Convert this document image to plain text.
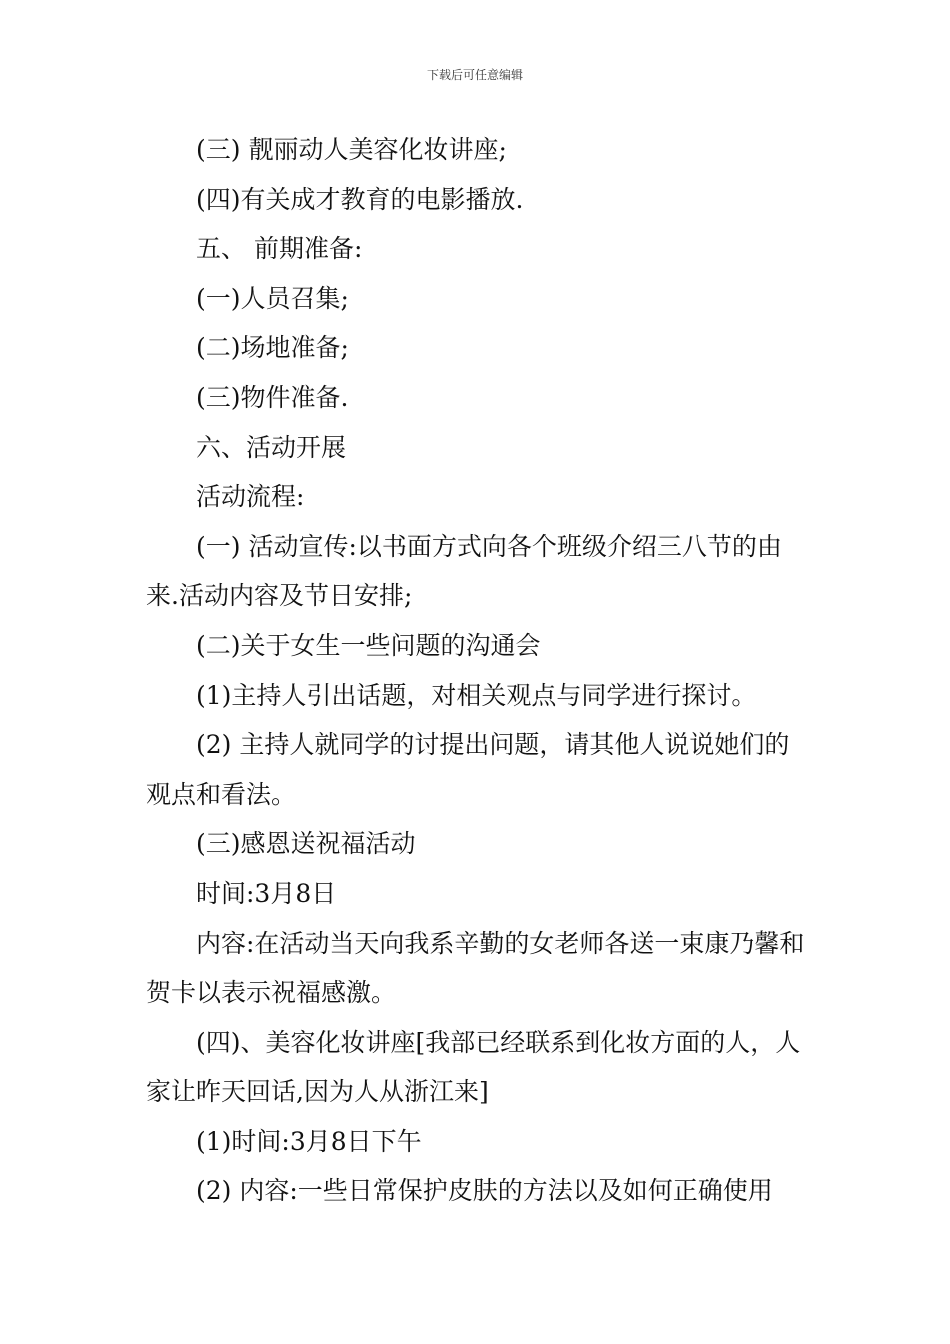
下载后可任意编辑

(三) 靓丽动人美容化妆讲座;

(四)有关成才教育的电影播放.

五、 前期准备:

(一)人员召集;

(二)场地准备;

(三)物件准备.

六、活动开展

活动流程:

(一) 活动宣传:以书面方式向各个班级介绍三八节的由来.活动内容及节日安排;

(二)关于女生一些问题的沟通会

(1)主持人引出话题，对相关观点与同学进行探讨。

(2) 主持人就同学的讨提出问题，请其他人说说她们的观点和看法。

(三)感恩送祝福活动

时间:3月8日

内容:在活动当天向我系辛勤的女老师各送一束康乃馨和贺卡以表示祝福感激。

(四)、美容化妆讲座[我部已经联系到化妆方面的人，人家让昨天回话,因为人从浙江来]

(1)时间:3月8日下午

(2) 内容:一些日常保护皮肤的方法以及如何正确使用
